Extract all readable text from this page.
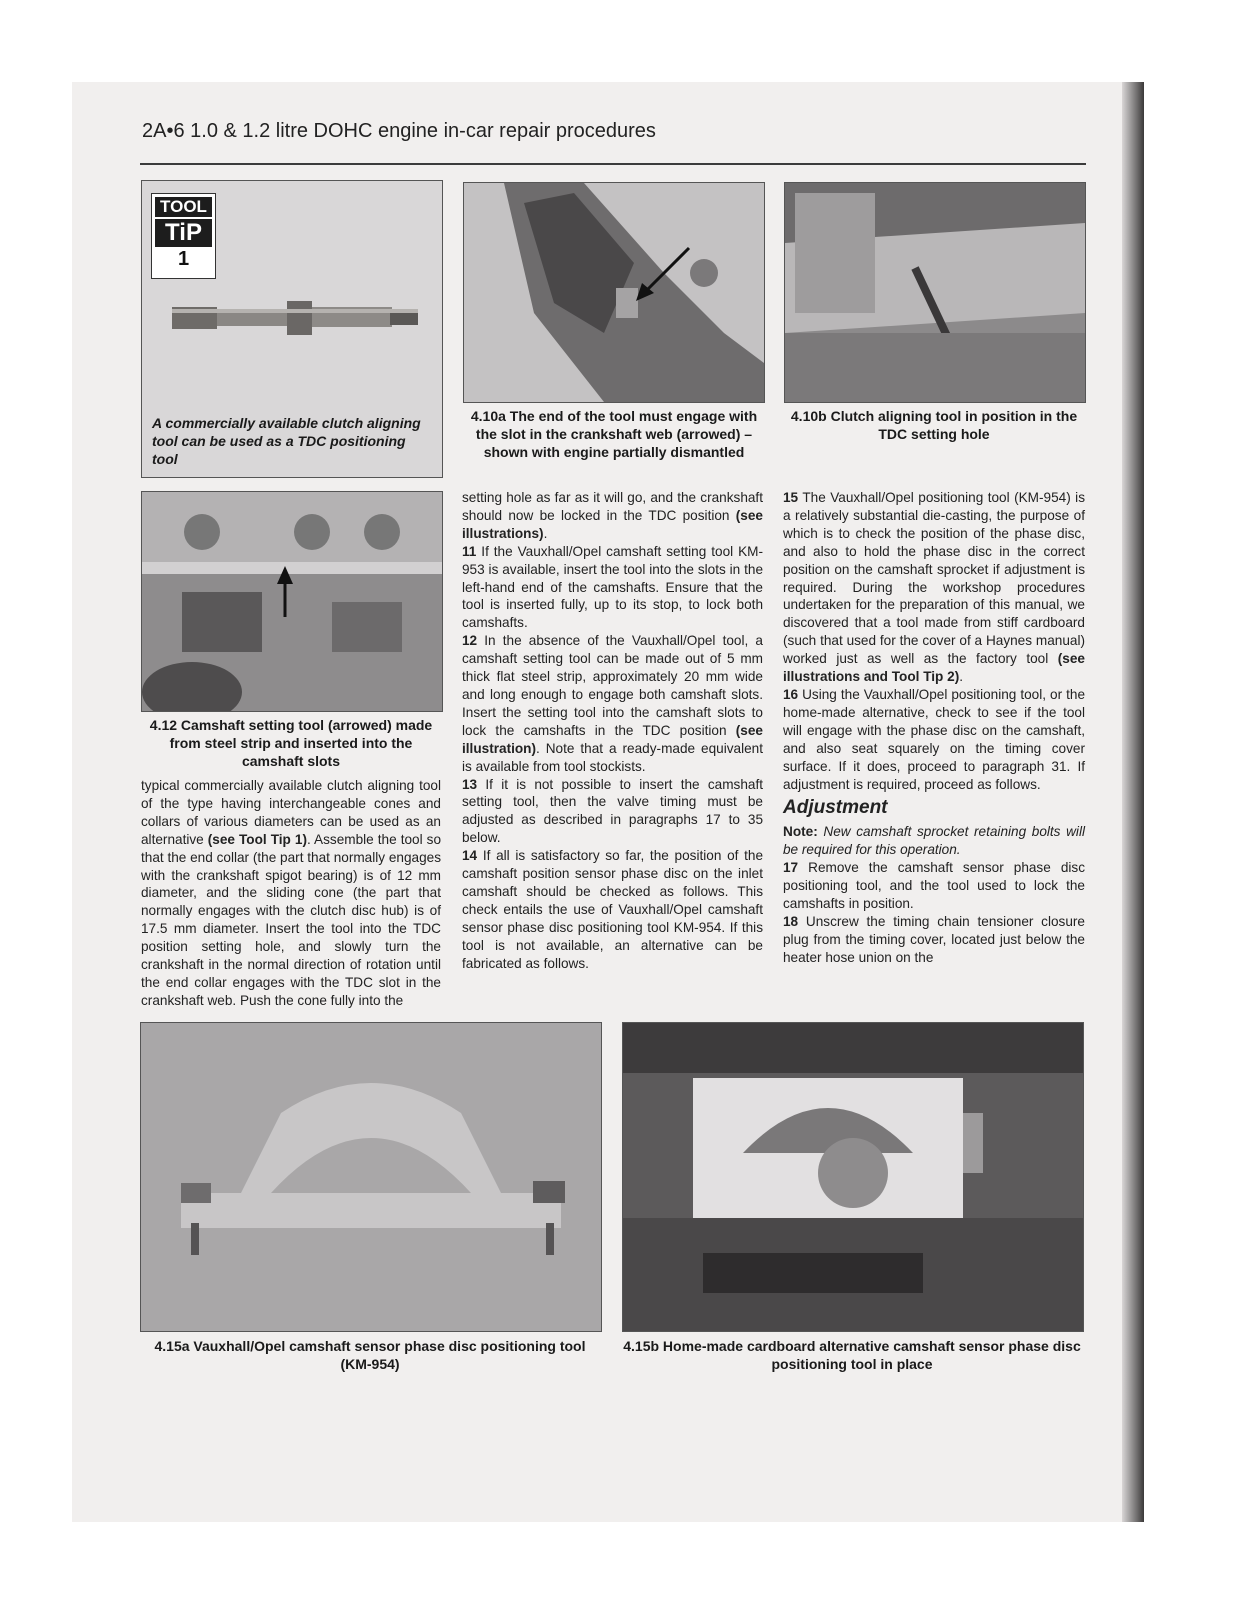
2A•6 1.0 & 1.2 litre DOHC engine in-car repair procedures
TOOL
TiP
1
A commercially available clutch aligning tool can be used as a TDC positioning tool
4.10a The end of the tool must engage with the slot in the crankshaft web (arrowed) – shown with engine partially dismantled
4.10b Clutch aligning tool in position in the TDC setting hole
4.12 Camshaft setting tool (arrowed) made from steel strip and inserted into the camshaft slots

typical commercially available clutch aligning tool of the type having interchangeable cones and collars of various diameters can be used as an alternative (see Tool Tip 1). Assemble the tool so that the end collar (the part that normally engages with the crankshaft spigot bearing) is of 12 mm diameter, and the sliding cone (the part that normally engages with the clutch disc hub) is of 17.5 mm diameter. Insert the tool into the TDC position setting hole, and slowly turn the crankshaft in the normal direction of rotation until the end collar engages with the TDC slot in the crankshaft web. Push the cone fully into the

setting hole as far as it will go, and the crankshaft should now be locked in the TDC position (see illustrations).

11 If the Vauxhall/Opel camshaft setting tool KM-953 is available, insert the tool into the slots in the left-hand end of the camshafts. Ensure that the tool is inserted fully, up to its stop, to lock both camshafts.

12 In the absence of the Vauxhall/Opel tool, a camshaft setting tool can be made out of 5 mm thick flat steel strip, approximately 20 mm wide and long enough to engage both camshaft slots. Insert the setting tool into the camshaft slots to lock the camshafts in the TDC position (see illustration). Note that a ready-made equivalent is available from tool stockists.

13 If it is not possible to insert the camshaft setting tool, then the valve timing must be adjusted as described in paragraphs 17 to 35 below.

14 If all is satisfactory so far, the position of the camshaft position sensor phase disc on the inlet camshaft should be checked as follows. This check entails the use of Vauxhall/Opel camshaft sensor phase disc positioning tool KM-954. If this tool is not available, an alternative can be fabricated as follows.

15 The Vauxhall/Opel positioning tool (KM-954) is a relatively substantial die-casting, the purpose of which is to check the position of the phase disc, and also to hold the phase disc in the correct position on the camshaft sprocket if adjustment is required. During the workshop procedures undertaken for the preparation of this manual, we discovered that a tool made from stiff cardboard (such that used for the cover of a Haynes manual) worked just as well as the factory tool (see illustrations and Tool Tip 2).

16 Using the Vauxhall/Opel positioning tool, or the home-made alternative, check to see if the tool will engage with the phase disc on the camshaft, and also seat squarely on the timing cover surface. If it does, proceed to paragraph 31. If adjustment is required, proceed as follows.

Adjustment

Note: New camshaft sprocket retaining bolts will be required for this operation.

17 Remove the camshaft sensor phase disc positioning tool, and the tool used to lock the camshafts in position.

18 Unscrew the timing chain tensioner closure plug from the timing cover, located just below the heater hose union on the

4.15a Vauxhall/Opel camshaft sensor phase disc positioning tool (KM-954)
4.15b Home-made cardboard alternative camshaft sensor phase disc positioning tool in place
